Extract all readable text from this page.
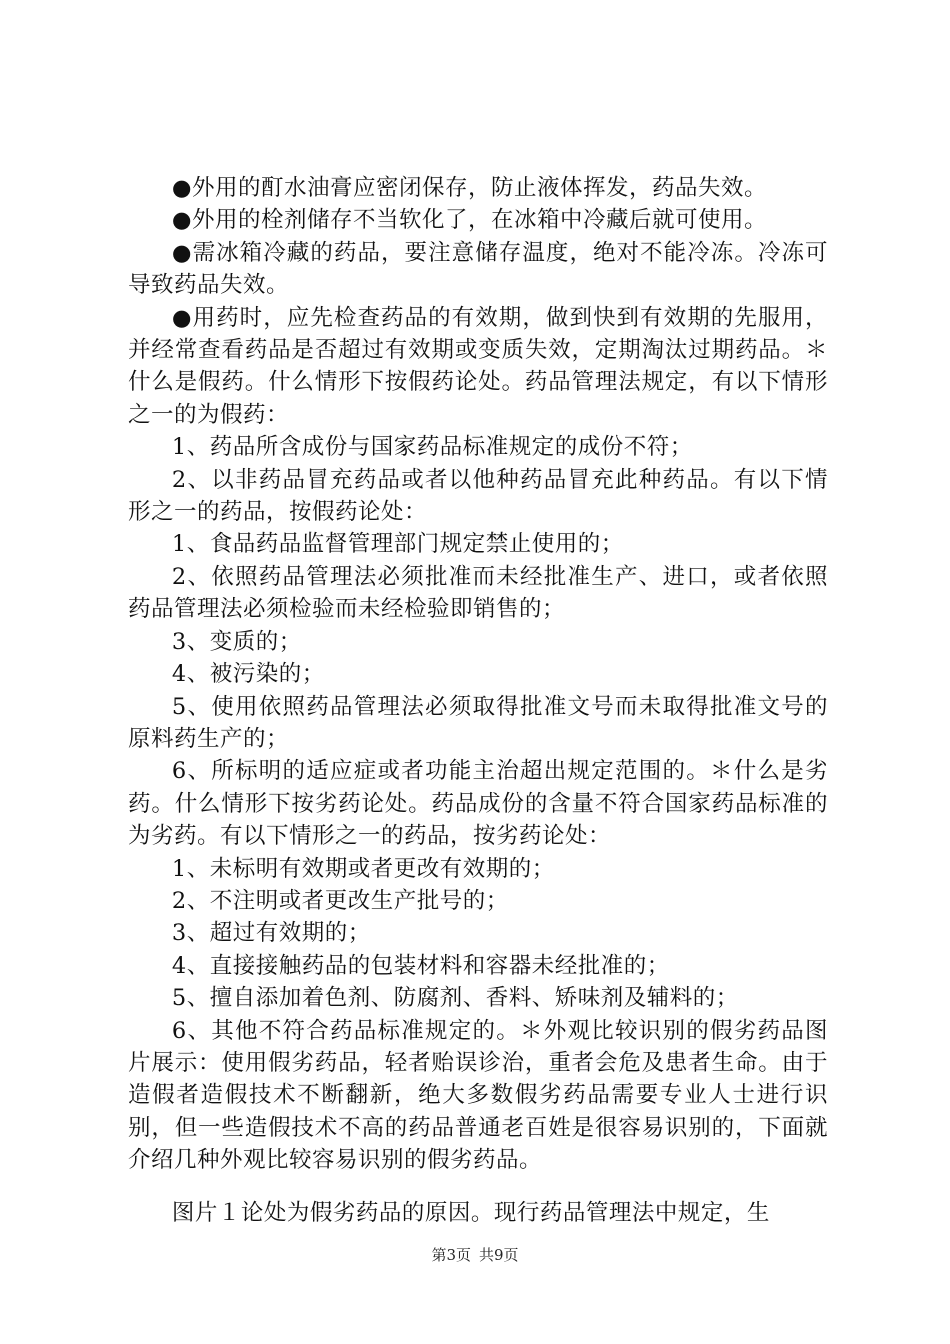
●外用的酊水油膏应密闭保存，防止液体挥发，药品失效。

●外用的栓剂储存不当软化了，在冰箱中冷藏后就可使用。

●需冰箱冷藏的药品，要注意储存温度，绝对不能冷冻。冷冻可导致药品失效。

●用药时，应先检查药品的有效期，做到快到有效期的先服用，并经常查看药品是否超过有效期或变质失效，定期淘汰过期药品。＊什么是假药。什么情形下按假药论处。药品管理法规定，有以下情形之一的为假药：

1、药品所含成份与国家药品标准规定的成份不符；

2、以非药品冒充药品或者以他种药品冒充此种药品。有以下情形之一的药品，按假药论处：

1、食品药品监督管理部门规定禁止使用的；

2、依照药品管理法必须批准而未经批准生产、进口，或者依照药品管理法必须检验而未经检验即销售的；

3、变质的；

4、被污染的；

5、使用依照药品管理法必须取得批准文号而未取得批准文号的原料药生产的；

6、所标明的适应症或者功能主治超出规定范围的。＊什么是劣药。什么情形下按劣药论处。药品成份的含量不符合国家药品标准的为劣药。有以下情形之一的药品，按劣药论处：

1、未标明有效期或者更改有效期的；

2、不注明或者更改生产批号的；

3、超过有效期的；

4、直接接触药品的包装材料和容器未经批准的；

5、擅自添加着色剂、防腐剂、香料、矫味剂及辅料的；

6、其他不符合药品标准规定的。＊外观比较识别的假劣药品图片展示：使用假劣药品，轻者贻误诊治，重者会危及患者生命。由于造假者造假技术不断翻新，绝大多数假劣药品需要专业人士进行识别，但一些造假技术不高的药品普通老百姓是很容易识别的，下面就介绍几种外观比较容易识别的假劣药品。

图片１论处为假劣药品的原因。现行药品管理法中规定，生

第3页 共9页
